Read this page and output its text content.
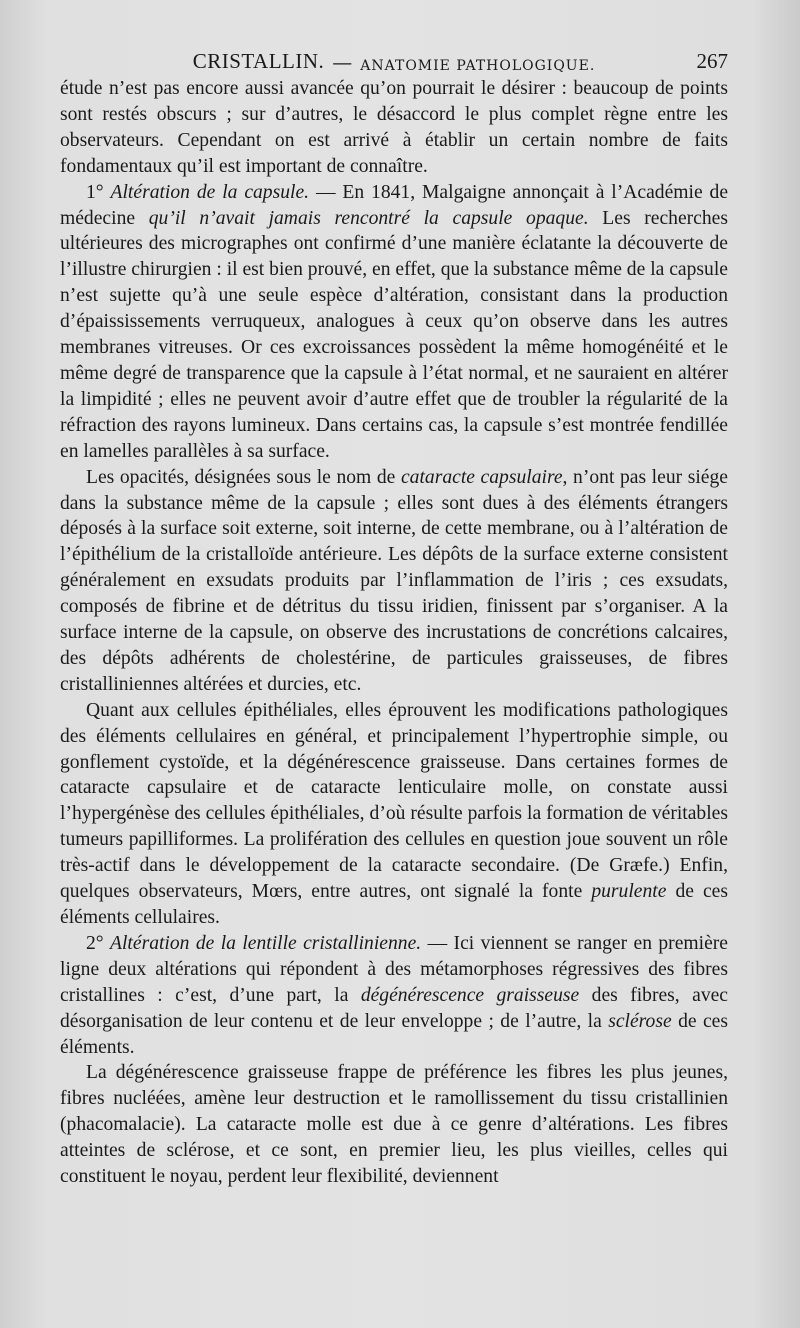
CRISTALLIN. — ANATOMIE PATHOLOGIQUE.	267

étude n’est pas encore aussi avancée qu’on pourrait le désirer : beaucoup de points sont restés obscurs ; sur d’autres, le désaccord le plus complet règne entre les observateurs. Cependant on est arrivé à établir un certain nombre de faits fondamentaux qu’il est important de connaître.

1° Altération de la capsule. — En 1841, Malgaigne annonçait à l’Académie de médecine qu’il n’avait jamais rencontré la capsule opaque. Les recherches ultérieures des micrographes ont confirmé d’une manière éclatante la découverte de l’illustre chirurgien : il est bien prouvé, en effet, que la substance même de la capsule n’est sujette qu’à une seule espèce d’altération, consistant dans la production d’épaississements verruqueux, analogues à ceux qu’on observe dans les autres membranes vitreuses. Or ces excroissances possèdent la même homogénéité et le même degré de transparence que la capsule à l’état normal, et ne sauraient en altérer la limpidité ; elles ne peuvent avoir d’autre effet que de troubler la régularité de la réfraction des rayons lumineux. Dans certains cas, la capsule s’est montrée fendillée en lamelles parallèles à sa surface.

Les opacités, désignées sous le nom de cataracte capsulaire, n’ont pas leur siége dans la substance même de la capsule ; elles sont dues à des éléments étrangers déposés à la surface soit externe, soit interne, de cette membrane, ou à l’altération de l’épithélium de la cristalloïde antérieure. Les dépôts de la surface externe consistent généralement en exsudats produits par l’inflammation de l’iris ; ces exsudats, composés de fibrine et de détritus du tissu iridien, finissent par s’organiser. A la surface interne de la capsule, on observe des incrustations de concrétions calcaires, des dépôts adhérents de cholestérine, de particules graisseuses, de fibres cristalliniennes altérées et durcies, etc.

Quant aux cellules épithéliales, elles éprouvent les modifications pathologiques des éléments cellulaires en général, et principalement l’hypertrophie simple, ou gonflement cystoïde, et la dégénérescence graisseuse. Dans certaines formes de cataracte capsulaire et de cataracte lenticulaire molle, on constate aussi l’hypergénèse des cellules épithéliales, d’où résulte parfois la formation de véritables tumeurs papilliformes. La prolifération des cellules en question joue souvent un rôle très-actif dans le développement de la cataracte secondaire. (De Græfe.) Enfin, quelques observateurs, Mœrs, entre autres, ont signalé la fonte purulente de ces éléments cellulaires.

2° Altération de la lentille cristallinienne. — Ici viennent se ranger en première ligne deux altérations qui répondent à des métamorphoses régressives des fibres cristallines : c’est, d’une part, la dégénérescence graisseuse des fibres, avec désorganisation de leur contenu et de leur enveloppe ; de l’autre, la sclérose de ces éléments.

La dégénérescence graisseuse frappe de préférence les fibres les plus jeunes, fibres nucléées, amène leur destruction et le ramollissement du tissu cristallinien (phacomalacie). La cataracte molle est due à ce genre d’altérations. Les fibres atteintes de sclérose, et ce sont, en premier lieu, les plus vieilles, celles qui constituent le noyau, perdent leur flexibilité, deviennent
